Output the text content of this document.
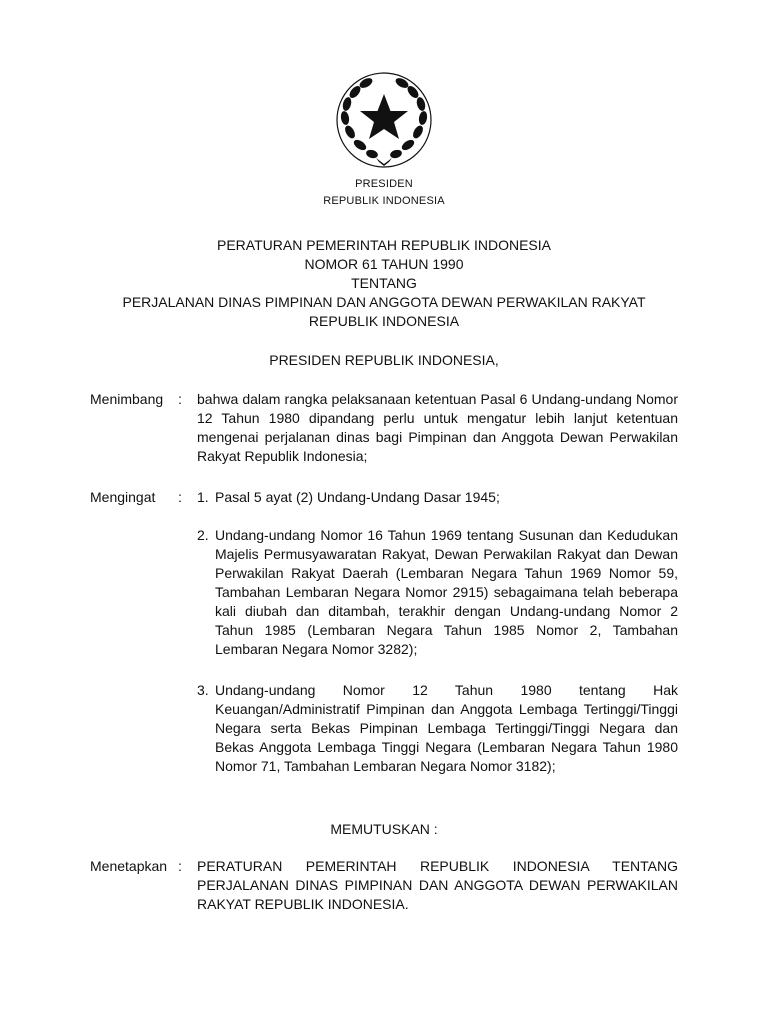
PRESIDEN
REPUBLIK INDONESIA
PERATURAN PEMERINTAH REPUBLIK INDONESIA
NOMOR 61 TAHUN 1990
TENTANG
PERJALANAN DINAS PIMPINAN DAN ANGGOTA DEWAN PERWAKILAN RAKYAT
REPUBLIK INDONESIA
PRESIDEN REPUBLIK INDONESIA,
Menimbang	:	bahwa dalam rangka pelaksanaan ketentuan Pasal 6 Undang-undang Nomor 12 Tahun 1980 dipandang perlu untuk mengatur lebih lanjut ketentuan mengenai perjalanan dinas bagi Pimpinan dan Anggota Dewan Perwakilan Rakyat Republik Indonesia;
Mengingat	:	1. Pasal 5 ayat (2) Undang-Undang Dasar 1945;
2. Undang-undang Nomor 16 Tahun 1969 tentang Susunan dan Kedudukan Majelis Permusyawaratan Rakyat, Dewan Perwakilan Rakyat dan Dewan Perwakilan Rakyat Daerah (Lembaran Negara Tahun 1969 Nomor 59, Tambahan Lembaran Negara Nomor 2915) sebagaimana telah beberapa kali diubah dan ditambah, terakhir dengan Undang-undang Nomor 2 Tahun 1985 (Lembaran Negara Tahun 1985 Nomor 2, Tambahan Lembaran Negara Nomor 3282);
3. Undang-undang Nomor 12 Tahun 1980 tentang Hak Keuangan/Administratif Pimpinan dan Anggota Lembaga Tertinggi/Tinggi Negara serta Bekas Pimpinan Lembaga Tertinggi/Tinggi Negara dan Bekas Anggota Lembaga Tinggi Negara (Lembaran Negara Tahun 1980 Nomor 71, Tambahan Lembaran Negara Nomor 3182);
MEMUTUSKAN :
Menetapkan :	PERATURAN PEMERINTAH REPUBLIK INDONESIA TENTANG PERJALANAN DINAS PIMPINAN DAN ANGGOTA DEWAN PERWAKILAN RAKYAT REPUBLIK INDONESIA.
